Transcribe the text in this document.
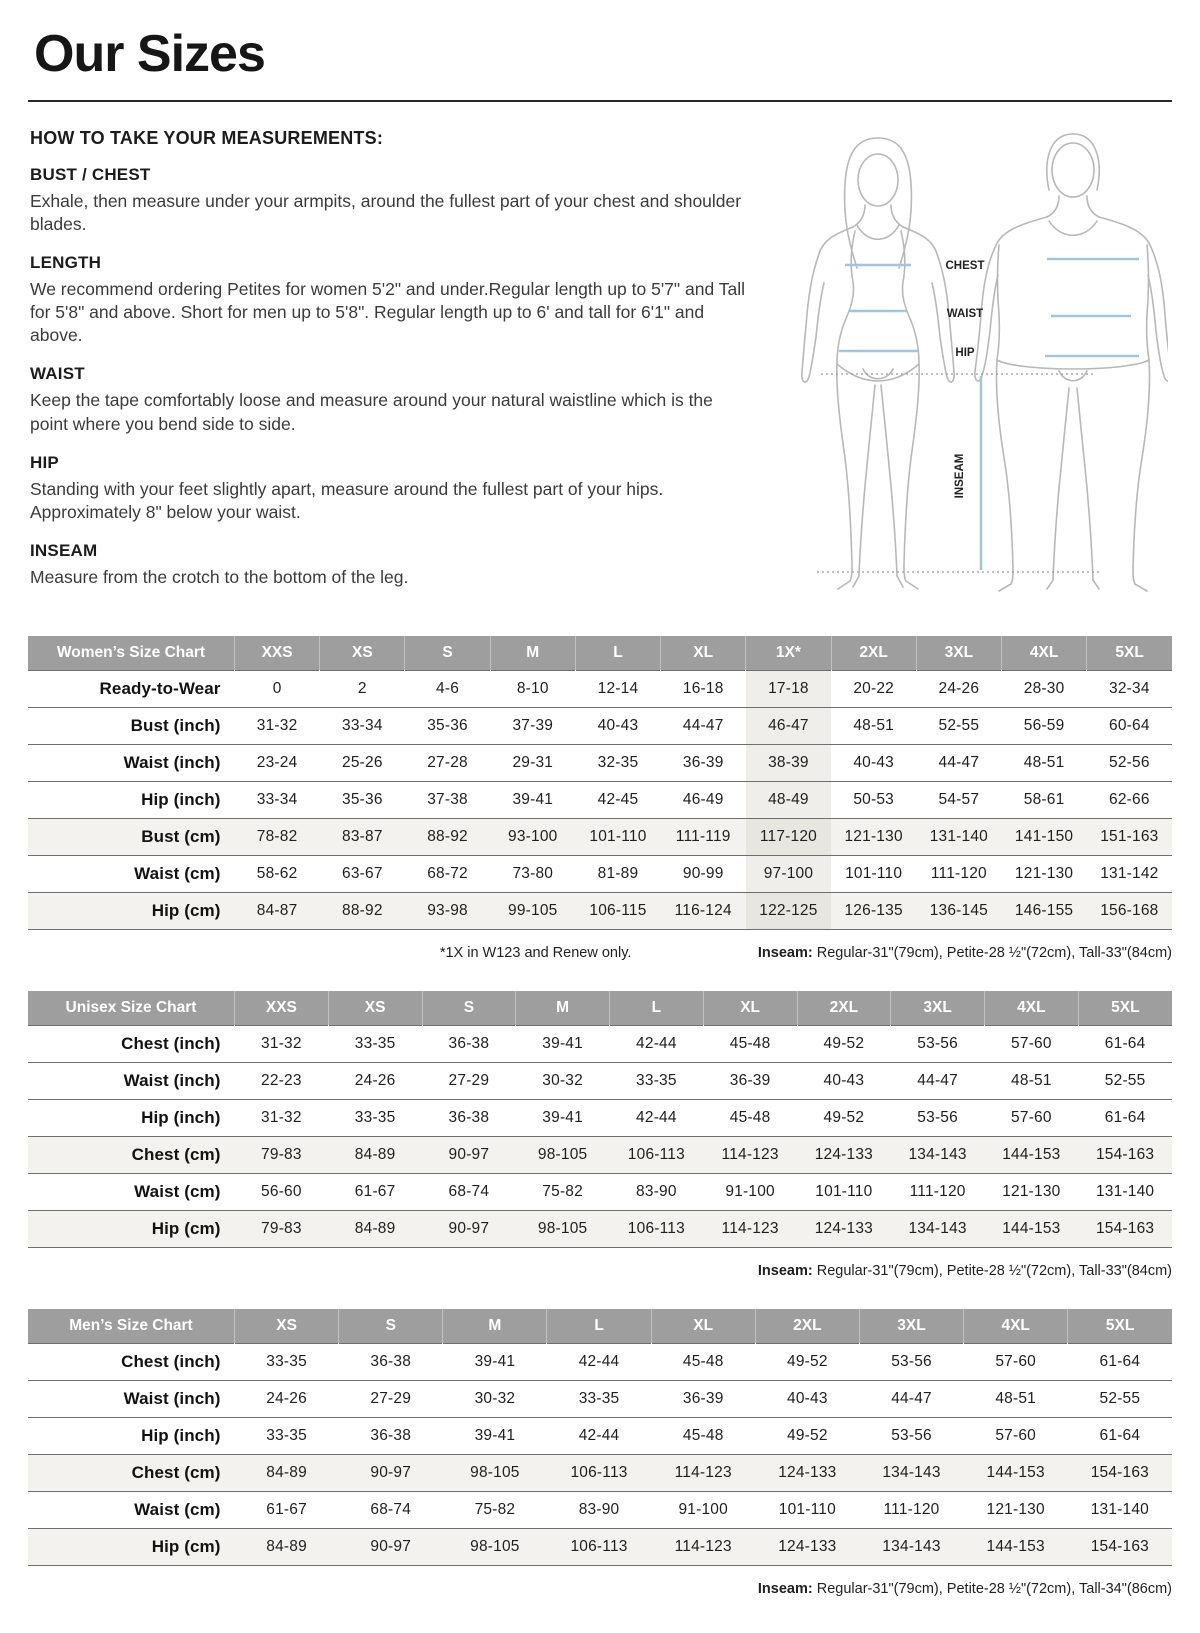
Our Sizes
HOW TO TAKE YOUR MEASUREMENTS:
BUST / CHEST
Exhale, then measure under your armpits, around the fullest part of your chest and shoulder blades.
LENGTH
We recommend ordering Petites for women 5'2" and under.Regular length up to 5'7" and Tall for 5'8" and above. Short for men up to 5'8". Regular length up to 6' and tall for 6'1" and above.
WAIST
Keep the tape comfortably loose and measure around your natural waistline which is the point where you bend side to side.
HIP
Standing with your feet slightly apart, measure around the fullest part of your hips. Approximately 8" below your waist.
INSEAM
Measure from the crotch to the bottom of the leg.
CHEST
WAIST
HIP
INSEAM
Women’s Size Chart	XXS	XS	S	M	L	XL	1X*	2XL	3XL	4XL	5XL
Ready-to-Wear	0	2	4-6	8-10	12-14	16-18	17-18	20-22	24-26	28-30	32-34
Bust (inch)	31-32	33-34	35-36	37-39	40-43	44-47	46-47	48-51	52-55	56-59	60-64
Waist (inch)	23-24	25-26	27-28	29-31	32-35	36-39	38-39	40-43	44-47	48-51	52-56
Hip (inch)	33-34	35-36	37-38	39-41	42-45	46-49	48-49	50-53	54-57	58-61	62-66
Bust (cm)	78-82	83-87	88-92	93-100	101-110	111-119	117-120	121-130	131-140	141-150	151-163
Waist (cm)	58-62	63-67	68-72	73-80	81-89	90-99	97-100	101-110	111-120	121-130	131-142
Hip (cm)	84-87	88-92	93-98	99-105	106-115	116-124	122-125	126-135	136-145	146-155	156-168
*1X in W123 and Renew only.	Inseam: Regular-31"(79cm), Petite-28 ½"(72cm), Tall-33"(84cm)
Unisex Size Chart	XXS	XS	S	M	L	XL	2XL	3XL	4XL	5XL
Chest (inch)	31-32	33-35	36-38	39-41	42-44	45-48	49-52	53-56	57-60	61-64
Waist (inch)	22-23	24-26	27-29	30-32	33-35	36-39	40-43	44-47	48-51	52-55
Hip (inch)	31-32	33-35	36-38	39-41	42-44	45-48	49-52	53-56	57-60	61-64
Chest (cm)	79-83	84-89	90-97	98-105	106-113	114-123	124-133	134-143	144-153	154-163
Waist (cm)	56-60	61-67	68-74	75-82	83-90	91-100	101-110	111-120	121-130	131-140
Hip (cm)	79-83	84-89	90-97	98-105	106-113	114-123	124-133	134-143	144-153	154-163
Inseam: Regular-31"(79cm), Petite-28 ½"(72cm), Tall-33"(84cm)
Men’s Size Chart	XS	S	M	L	XL	2XL	3XL	4XL	5XL
Chest (inch)	33-35	36-38	39-41	42-44	45-48	49-52	53-56	57-60	61-64
Waist (inch)	24-26	27-29	30-32	33-35	36-39	40-43	44-47	48-51	52-55
Hip (inch)	33-35	36-38	39-41	42-44	45-48	49-52	53-56	57-60	61-64
Chest (cm)	84-89	90-97	98-105	106-113	114-123	124-133	134-143	144-153	154-163
Waist (cm)	61-67	68-74	75-82	83-90	91-100	101-110	111-120	121-130	131-140
Hip (cm)	84-89	90-97	98-105	106-113	114-123	124-133	134-143	144-153	154-163
Inseam: Regular-31"(79cm), Petite-28 ½"(72cm), Tall-34"(86cm)
